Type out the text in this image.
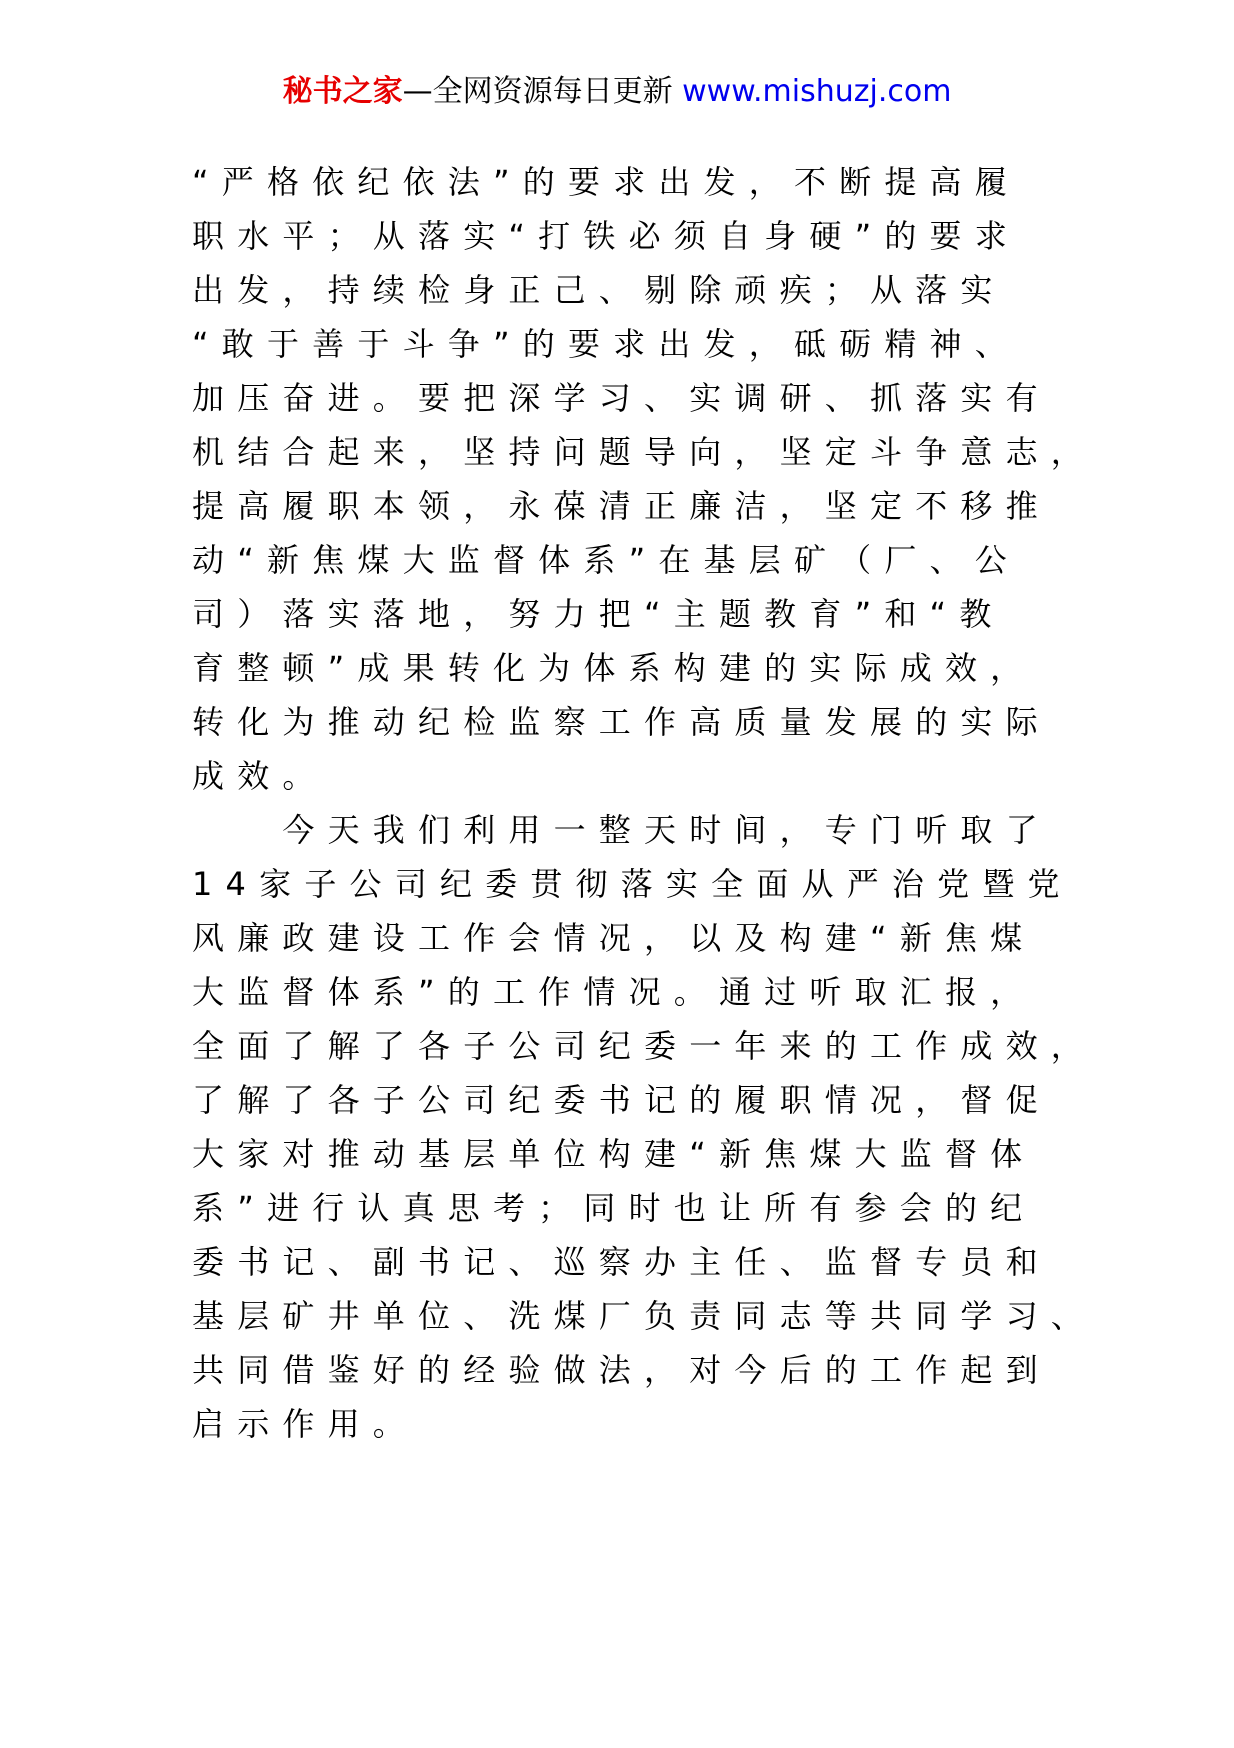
秘书之家—全网资源每日更新 www.mishuzj.com
“严格依纪依法”的要求出发，不断提高履
职水平；从落实“打铁必须自身硬”的要求
出发，持续检身正己、剔除顽疾；从落实
“敢于善于斗争”的要求出发，砥砺精神、
加压奋进。要把深学习、实调研、抓落实有
机结合起来，坚持问题导向，坚定斗争意志，
提高履职本领，永葆清正廉洁，坚定不移推
动“新焦煤大监督体系”在基层矿（厂、公
司）落实落地，努力把“主题教育”和“教
育整顿”成果转化为体系构建的实际成效，
转化为推动纪检监察工作高质量发展的实际
成效。
　　今天我们利用一整天时间，专门听取了
14家子公司纪委贯彻落实全面从严治党暨党
风廉政建设工作会情况，以及构建“新焦煤
大监督体系”的工作情况。通过听取汇报，
全面了解了各子公司纪委一年来的工作成效，
了解了各子公司纪委书记的履职情况，督促
大家对推动基层单位构建“新焦煤大监督体
系”进行认真思考；同时也让所有参会的纪
委书记、副书记、巡察办主任、监督专员和
基层矿井单位、洗煤厂负责同志等共同学习、
共同借鉴好的经验做法，对今后的工作起到
启示作用。
